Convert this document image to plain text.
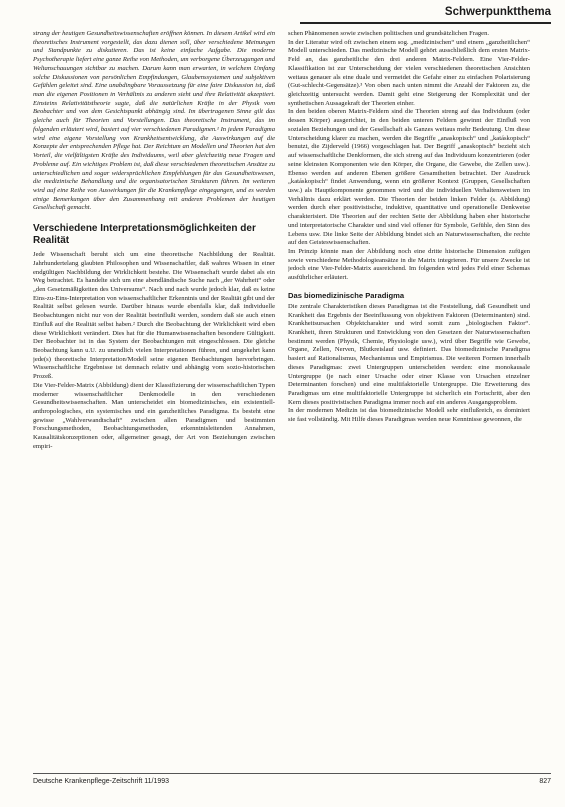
Schwerpunktthema

strang der heutigen Gesundheitswissenschaften eröffnen können. In diesem Artikel wird ein theoretisches Instrument vorgestellt, das dazu dienen soll, über verschiedene Meinungen und Standpunkte zu diskutieren. Das ist keine einfache Aufgabe. Die moderne Psychotherapie liefert eine ganze Reihe von Methoden, um verborgene Überzeugungen und Weltanschauungen sichtbar zu machen. Darum kann man erwarten, in welchem Umfang solche Diskussionen von persönlichen Empfindungen, Glaubenssystemen und subjektiven Gefühlen geleitet sind. Eine unabdingbare Voraussetzung für eine faire Diskussion ist, daß man die eigenen Positionen in Verhältnis zu anderen sieht und ihre Relativität akzeptiert. Einsteins Relativitätstheorie sagte, daß die natürlichen Kräfte in der Physik vom Beobachter und von dem Gesichtspunkt abhängig sind. Im übertragenen Sinne gilt das gleiche auch für Theorien und Vorstellungen. Das theoretische Instrument, das im folgenden erläutert wird, basiert auf vier verschiedenen Paradigmen.¹ In jedem Paradigma wird eine eigene Vorstellung von Krankheitsentwicklung, die Auswirkungen auf die Konzepte der entsprechenden Pflege hat. Der Reichtum an Modellen und Theorien hat den Vorteil, die vielfältigsten Kräfte des Individuums, weil aber gleichzeitig neue Fragen und Probleme auf. Ein wichtiges Problem ist, daß diese verschiedenen theoretischen Ansätze zu unterschiedlichen und sogar widersprüchlichen Empfehlungen für das Gesundheitswesen, die medizinische Behandlung und die organisatorischen Strukturen führen. Im weiteren wird auf eine Reihe von Auswirkungen für die Krankenpflege eingegangen, und es werden einige Bemerkungen über den Zusammenhang mit anderen Problemen der heutigen Gesellschaft gemacht.

Verschiedene Interpretationsmöglichkeiten der Realität

Jede Wissenschaft beruht sich um eine theoretische Nachbildung der Realität. Jahrhundertelang glaubten Philosophen und Wissenschaftler, daß wahres Wissen in einer endgültigen Nachbildung der Wirklichkeit bestehe. Die Wissenschaft wurde dabei als ein Weg betrachtet. Es handelte sich um eine abendländische Suche nach „der Wahrheit“ oder „den Gesetzmäßigkeiten des Universums“. Nach und nach wurde jedoch klar, daß es keine Eins-zu-Eins-Interpretation von wissenschaftlicher Erkenntnis und der Realität gibt und der Realität selbst gelesen wurde. Darüber hinaus wurde ebenfalls klar, daß individuelle Beobachtungen nicht nur von der Realität beeinflußt werden, sondern daß sie auch einen Einfluß auf die Realität selbst haben.² Durch die Beobachtung der Wirklichkeit wird eben diese Wirklichkeit verändert. Dies hat für die Humanwissenschaften besondere Gültigkeit. Der Beobachter ist in das System der Beobachtungen mit eingeschlossen. Die gleiche Beobachtung kann u.U. zu unendlich vielen Interpretationen führen, und umgekehrt kann jede(s) theoretische Interpretation/Modell seine eigenen Beobachtungen hervorbringen. Wissenschaftliche Ergebnisse ist demnach relativ und abhängig vom sozio-historischen Prozeß.

Die Vier-Felder-Matrix (Abbildung) dient der Klassifizierung der wissenschaftlichen Typen moderner wissenschaftlicher Denkmodelle in den verschiedenen Gesundheitswissenschaften. Man unterscheidet ein biomedizinisches, ein existentiell-anthropologisches, ein systemisches und ein ganzheitliches Paradigma. Es besteht eine gewisse „Wahlverwandtschaft“ zwischen allen Paradigmen und bestimmten Forschungsmethoden, Beobachtungsmethoden, erkenntnisleitenden Annahmen, Kausalitätskonzeptionen oder, allgemeiner gesagt, der Art von Beziehungen zwischen empiri-

schen Phänomenen sowie zwischen politischen und grundsätzlichen Fragen.

In der Literatur wird oft zwischen einem sog. „medizinischen“ und einem „ganzheitlichen“ Modell unterschieden. Das medizinische Modell gehört ausschließlich dem ersten Matrix-Feld an, das ganzheitliche den drei anderen Matrix-Feldern. Eine Vier-Felder-Klassifikation ist zur Unterscheidung der vielen verschiedenen theoretischen Ansichten weitaus genauer als eine duale und vermeidet die Gefahr einer zu einfachen Polarisierung (Gut-schlecht-Gegensätze).³ Von oben nach unten nimmt die Anzahl der Faktoren zu, die gleichzeitig untersucht werden. Damit geht eine Steigerung der Komplexität und der synthetischen Aussagekraft der Theorien einher.

In den beiden oberen Matrix-Feldern sind die Theorien streng auf das Individuum (oder dessen Körper) ausgerichtet, in den beiden unteren Feldern gewinnt der Einfluß von sozialen Beziehungen und der Gesellschaft als Ganzes weitaus mehr Bedeutung. Um diese Unterscheidung klarer zu machen, werden die Begriffe „anaskopisch“ und „katáskopisch“ benutzt, die Zijderveld (1966) vorgeschlagen hat. Der Begriff „anaskopisch“ bezieht sich auf wissenschaftliche Denkformen, die sich streng auf das Individuum konzentrieren (oder seine kleinsten Komponenten wie den Körper, die Organe, die Gewebe, die Zellen usw.). Ebenso werden auf anderen Ebenen größere Gesamtheiten betrachtet. Der Ausdruck „katáskopisch“ findet Anwendung, wenn ein größerer Kontext (Gruppen, Gesellschaften usw.) als Hauptkomponente genommen wird und die individuellen Verhaltensweisen im Verhältnis dazu erklärt werden. Die Theorien der beiden linken Felder (s. Abbildung) werden durch eher positivistische, induktive, quantitative und operationelle Denkweise charakterisiert. Die Theorien auf der rechten Seite der Abbildung haben eher historische und interpretatorische Charakter und sind viel offener für Symbole, Gefühle, den Sinn des Lebens usw. Die linke Seite der Abbildung bindet sich an Naturwissenschaften, die rechte auf den Geisteswissenschaften.

Im Prinzip könnte man der Abbildung noch eine dritte historische Dimension zufügen sowie verschiedene Methodologieansätze in die Matrix integrieren. Für unsere Zwecke ist jedoch eine Vier-Felder-Matrix ausreichend. Im folgenden wird jedes Feld einer Schemas ausführlicher erläutert.

Das biomedizinische Paradigma

Die zentrale Charakteristiken dieses Paradigmas ist die Feststellung, daß Gesundheit und Krankheit das Ergebnis der Beeinflussung von objektiven Faktoren (Determinanten) sind. Krankheitsursachen Objektcharakter und wird somit zum „biologischen Faktor“. Krankheit, ihren Strukturen und Entwicklung von den Gesetzen der Naturwissenschaften bestimmt werden (Physik, Chemie, Physiologie usw.), wird über Begriffe wie Gewebe, Organe, Zellen, Nerven, Blutkreislauf usw. definiert. Das biomedizinische Paradigma basiert auf Rationalismus, Mechanismus und Empirismus. Die weiteren Formen innerhalb dieses Paradigmas: zwei Untergruppen unterscheiden werden: eine monokausale Untergruppe (je nach einer Ursache oder einer Klasse von Ursachen einzelner Determinanten forschen) und eine multifaktorielle Untergruppe. Die Erweiterung des Paradigmas um eine multifaktorielle Untergruppe ist sicherlich ein Fortschritt, aber den Kern dieses positivistischen Paradigma immer noch auf ein anderes Ausgangsproblem.

In der modernen Medizin ist das biomedizinische Modell sehr einflußreich, es dominiert sie fast vollständig. Mit Hilfe dieses Paradigmas werden neue Kenntnisse gewonnen, die

Deutsche Krankenpflege-Zeitschrift 11/1993	827
